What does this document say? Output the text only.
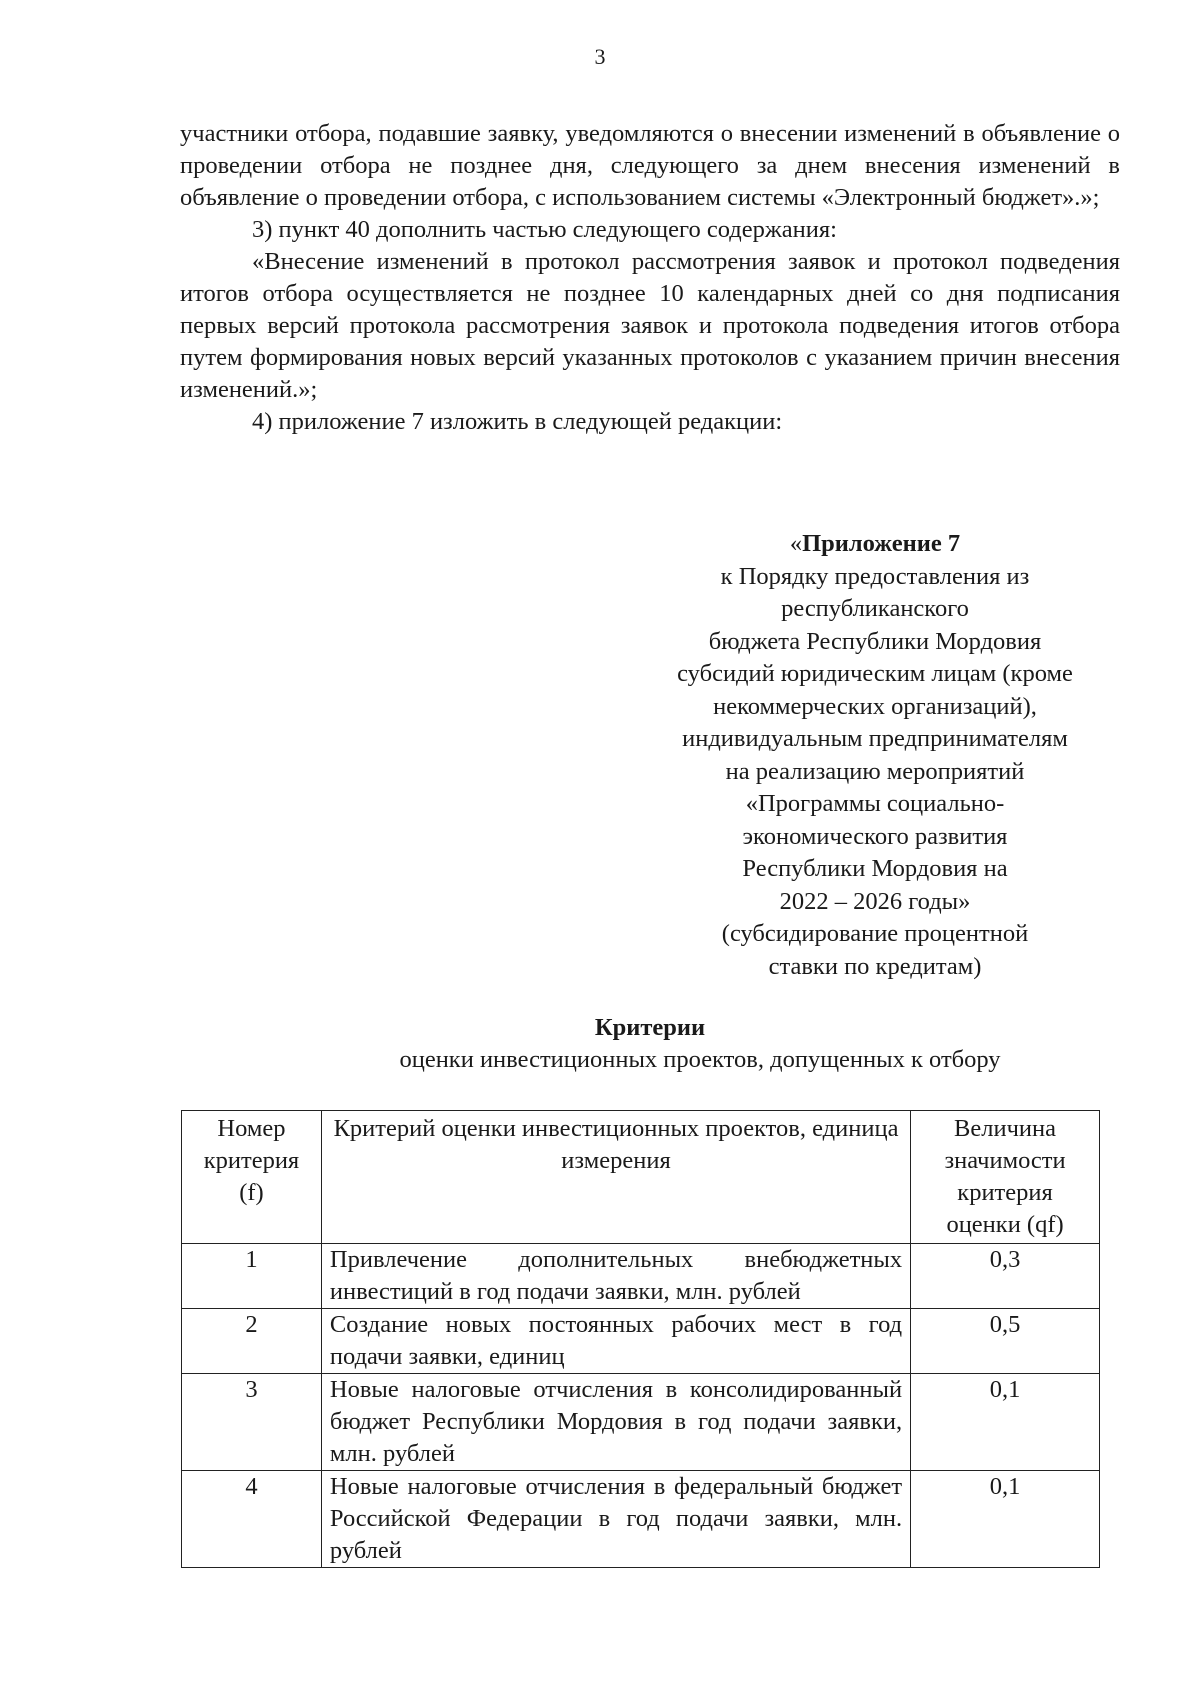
3

участники отбора, подавшие заявку, уведомляются о внесении изменений в объявление о проведении отбора не позднее дня, следующего за днем внесения изменений в объявление о проведении отбора, с использованием системы «Электронный бюджет».»;

3) пункт 40 дополнить частью следующего содержания:

«Внесение изменений в протокол рассмотрения заявок и протокол подведения итогов отбора осуществляется не позднее 10 календарных дней со дня подписания первых версий протокола рассмотрения заявок и протокола подведения итогов отбора путем формирования новых версий указанных протоколов с указанием причин внесения изменений.»;

4) приложение 7 изложить в следующей редакции:

«Приложение 7
к Порядку предоставления из
республиканского
бюджета Республики Мордовия
субсидий юридическим лицам (кроме
некоммерческих организаций),
индивидуальным предпринимателям
на реализацию мероприятий
«Программы социально-
экономического развития
Республики Мордовия на
2022 – 2026 годы»
(субсидирование процентной
ставки по кредитам)
Критерии
оценки инвестиционных проектов, допущенных к отбору
Номер критерия (f)	Критерий оценки инвестиционных проектов, единица измерения	Величина значимости критерия оценки (qf)
1	Привлечение дополнительных внебюджетных инвестиций в год подачи заявки, млн. рублей	0,3
2	Создание новых постоянных рабочих мест в год подачи заявки, единиц	0,5
3	Новые налоговые отчисления в консолидированный бюджет Республики Мордовия в год подачи заявки, млн. рублей	0,1
4	Новые налоговые отчисления в федеральный бюджет Российской Федерации в год подачи заявки, млн. рублей	0,1
